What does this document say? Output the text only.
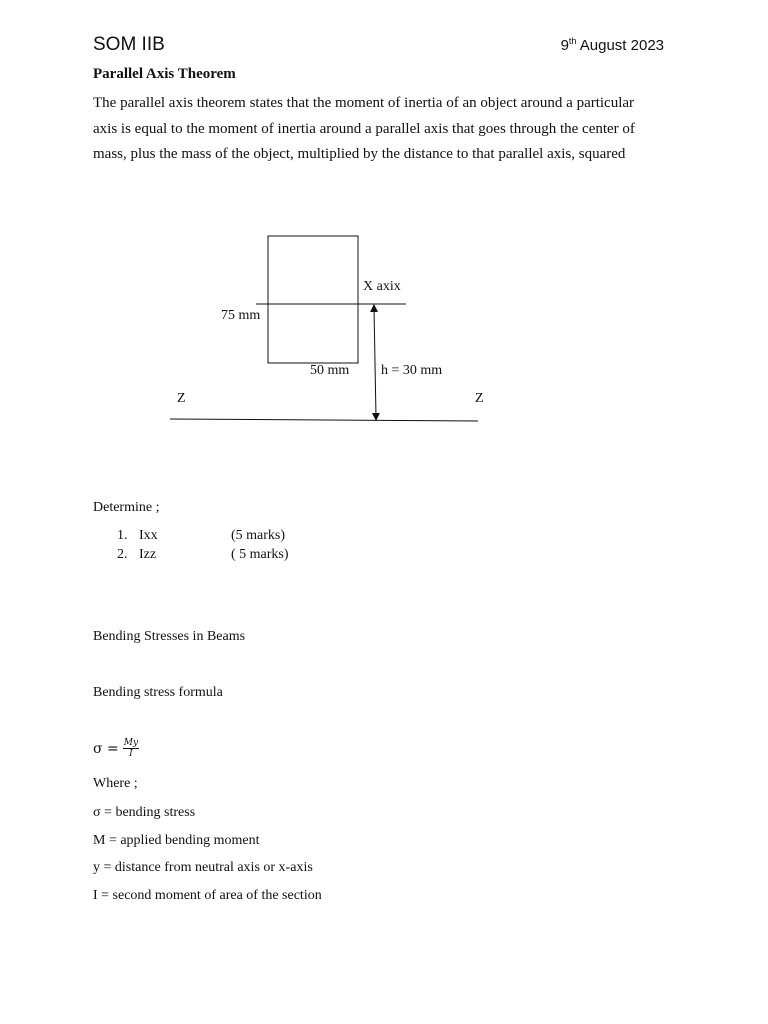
SOM IIB	9th August 2023
Parallel Axis Theorem
The parallel axis theorem states that the moment of inertia of an object around a particular
axis is equal to the moment of inertia around a parallel axis that goes through the center of
mass, plus the mass of the object, multiplied by the distance to that parallel axis, squared
X axix
75 mm
50 mm h = 30 mm
Z	Z
Determine ;
1. Ixx	(5 marks)
2. Izz	( 5 marks)
Bending Stresses in Beams
Bending stress formula
$\sigma = \frac{My}{I}$
Where ;
σ = bending stress
M = applied bending moment
y = distance from neutral axis or x-axis
I = second moment of area of the section
